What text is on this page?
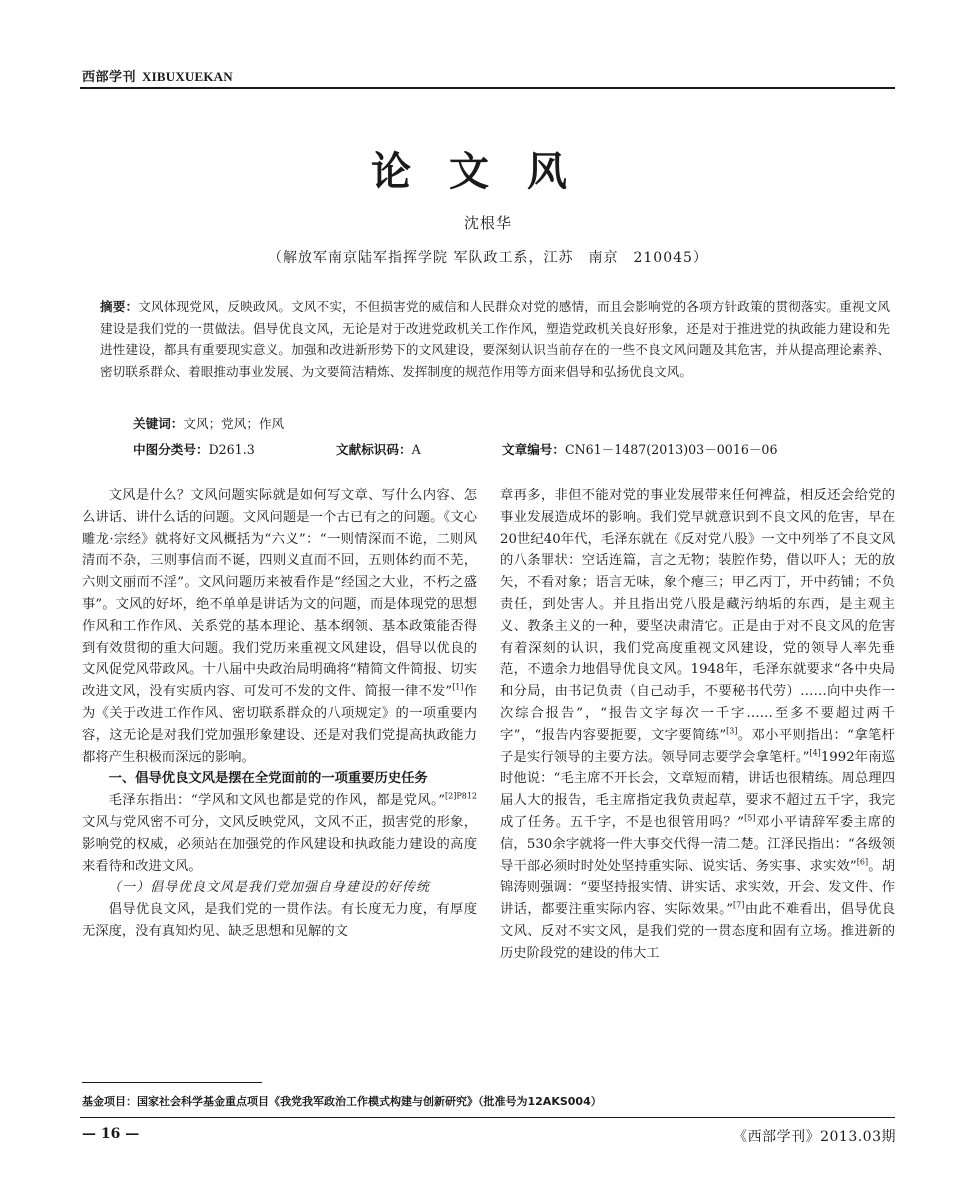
西部学刊 XIBUXUEKAN
论文风
沈根华
（解放军南京陆军指挥学院 军队政工系，江苏　南京　210045）
摘要：文风体现党风，反映政风。文风不实，不但损害党的威信和人民群众对党的感情，而且会影响党的各项方针政策的贯彻落实。重视文风建设是我们党的一贯做法。倡导优良文风，无论是对于改进党政机关工作作风，塑造党政机关良好形象，还是对于推进党的执政能力建设和先进性建设，都具有重要现实意义。加强和改进新形势下的文风建设，要深刻认识当前存在的一些不良文风问题及其危害，并从提高理论素养、密切联系群众、着眼推动事业发展、为文要简洁精炼、发挥制度的规范作用等方面来倡导和弘扬优良文风。
关键词：文风；党风；作风
中图分类号：D261.3	文献标识码：A	文章编号：CN61－1487(2013)03－0016－06

文风是什么？文风问题实际就是如何写文章、写什么内容、怎么讲话、讲什么话的问题。文风问题是一个古已有之的问题。《文心雕龙·宗经》就将好文风概括为“六义”：“一则情深而不诡，二则风清而不杂，三则事信而不诞，四则义直而不回，五则体约而不芜，六则文丽而不淫”。文风问题历来被看作是“经国之大业，不朽之盛事”。文风的好坏，绝不单单是讲话为文的问题，而是体现党的思想作风和工作作风、关系党的基本理论、基本纲领、基本政策能否得到有效贯彻的重大问题。我们党历来重视文风建设，倡导以优良的文风促党风带政风。十八届中央政治局明确将“精简文件简报、切实改进文风，没有实质内容、可发可不发的文件、简报一律不发”[1]作为《关于改进工作作风、密切联系群众的八项规定》的一项重要内容，这无论是对我们党加强形象建设、还是对我们党提高执政能力都将产生积极而深远的影响。

一、倡导优良文风是摆在全党面前的一项重要历史任务

毛泽东指出：“学风和文风也都是党的作风，都是党风。”$^{[2]P812}$文风与党风密不可分，文风反映党风，文风不正，损害党的形象，影响党的权威，必须站在加强党的作风建设和执政能力建设的高度来看待和改进文风。

（一）倡导优良文风是我们党加强自身建设的好传统

倡导优良文风，是我们党的一贯作法。有长度无力度，有厚度无深度，没有真知灼见、缺乏思想和见解的文

章再多，非但不能对党的事业发展带来任何裨益，相反还会给党的事业发展造成坏的影响。我们党早就意识到不良文风的危害，早在20世纪40年代，毛泽东就在《反对党八股》一文中列举了不良文风的八条罪状：空话连篇，言之无物；装腔作势，借以吓人；无的放矢，不看对象；语言无味，象个瘪三；甲乙丙丁，开中药铺；不负责任，到处害人。并且指出党八股是藏污纳垢的东西，是主观主义、教条主义的一种，要坚决肃清它。正是由于对不良文风的危害有着深刻的认识，我们党高度重视文风建设，党的领导人率先垂范，不遗余力地倡导优良文风。1948年，毛泽东就要求“各中央局和分局，由书记负责（自己动手，不要秘书代劳）……向中央作一次综合报告”，“报告文字每次一千字……至多不要超过两千字”，“报告内容要扼要，文字要简练”[3]。邓小平则指出：“拿笔杆子是实行领导的主要方法。领导同志要学会拿笔杆。”[4]1992年南巡时他说：“毛主席不开长会，文章短而精，讲话也很精练。周总理四届人大的报告，毛主席指定我负责起草，要求不超过五千字，我完成了任务。五千字，不是也很管用吗？”[5]邓小平请辞军委主席的信，530余字就将一件大事交代得一清二楚。江泽民指出：“各级领导干部必须时时处处坚持重实际、说实话、务实事、求实效”[6]。胡锦涛则强调：“要坚持报实情、讲实话、求实效，开会、发文件、作讲话，都要注重实际内容、实际效果。”[7]由此不难看出，倡导优良文风、反对不实文风，是我们党的一贯态度和固有立场。推进新的历史阶段党的建设的伟大工

基金项目：国家社会科学基金重点项目《我党我军政治工作模式构建与创新研究》（批准号为12AKS004）
— 16 —	《西部学刊》2013.03期
